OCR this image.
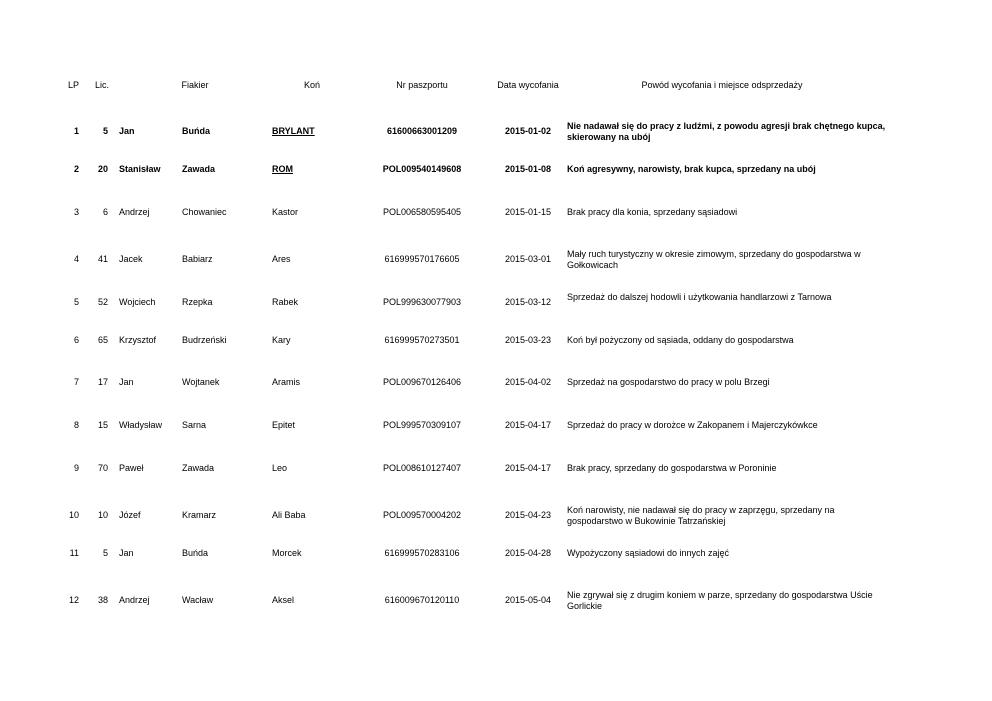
LP Lic.	Fiakier	Koń	Nr paszportu	Data wycofania	Powód wycofania i miejsce odsprzedaży
1	5 Jan	Buńda	BRYLANT	61600663001209	2015-01-02	Nie nadawał się do pracy z ludźmi, z powodu agresji brak chętnego kupca, skierowany na ubój
2	20 Stanisław	Zawada	ROM	POL009540149608	2015-01-08	Koń agresywny, narowisty, brak kupca, sprzedany na ubój
3	6 Andrzej	Chowaniec	Kastor	POL006580595405	2015-01-15	Brak pracy dla konia, sprzedany sąsiadowi
4	41 Jacek	Babiarz	Ares	616999570176605	2015-03-01	Mały ruch turystyczny w okresie zimowym, sprzedany do gospodarstwa w Gołkowicach
5	52 Wojciech	Rzepka	Rabek	POL999630077903	2015-03-12	Sprzedaż do dalszej hodowli i użytkowania handlarzowi z Tarnowa
6	65 Krzysztof	Budrzeński	Kary	616999570273501	2015-03-23	Koń był pożyczony od sąsiada, oddany do gospodarstwa
7	17 Jan	Wojtanek	Aramis	POL009670126406	2015-04-02	Sprzedaż na gospodarstwo do pracy w polu Brzegi
8	15 Władysław	Sarna	Epitet	POL999570309107	2015-04-17	Sprzedaż do pracy w dorożce w Zakopanem i Majerczykówkce
9	70 Paweł	Zawada	Leo	POL008610127407	2015-04-17	Brak pracy, sprzedany do gospodarstwa w Poroninie
10	10 Józef	Kramarz	Ali Baba	POL009570004202	2015-04-23	Koń narowisty, nie nadawał się do pracy w zaprzęgu, sprzedany na gospodarstwo w Bukowinie Tatrzańskiej
11	5 Jan	Buńda	Morcek	616999570283106	2015-04-28	Wypożyczony sąsiadowi do innych zajęć
12	38 Andrzej	Wacław	Aksel	616009670120110	2015-05-04	Nie zgrywał się z drugim koniem w parze, sprzedany do gospodarstwa Uście Gorlickie
